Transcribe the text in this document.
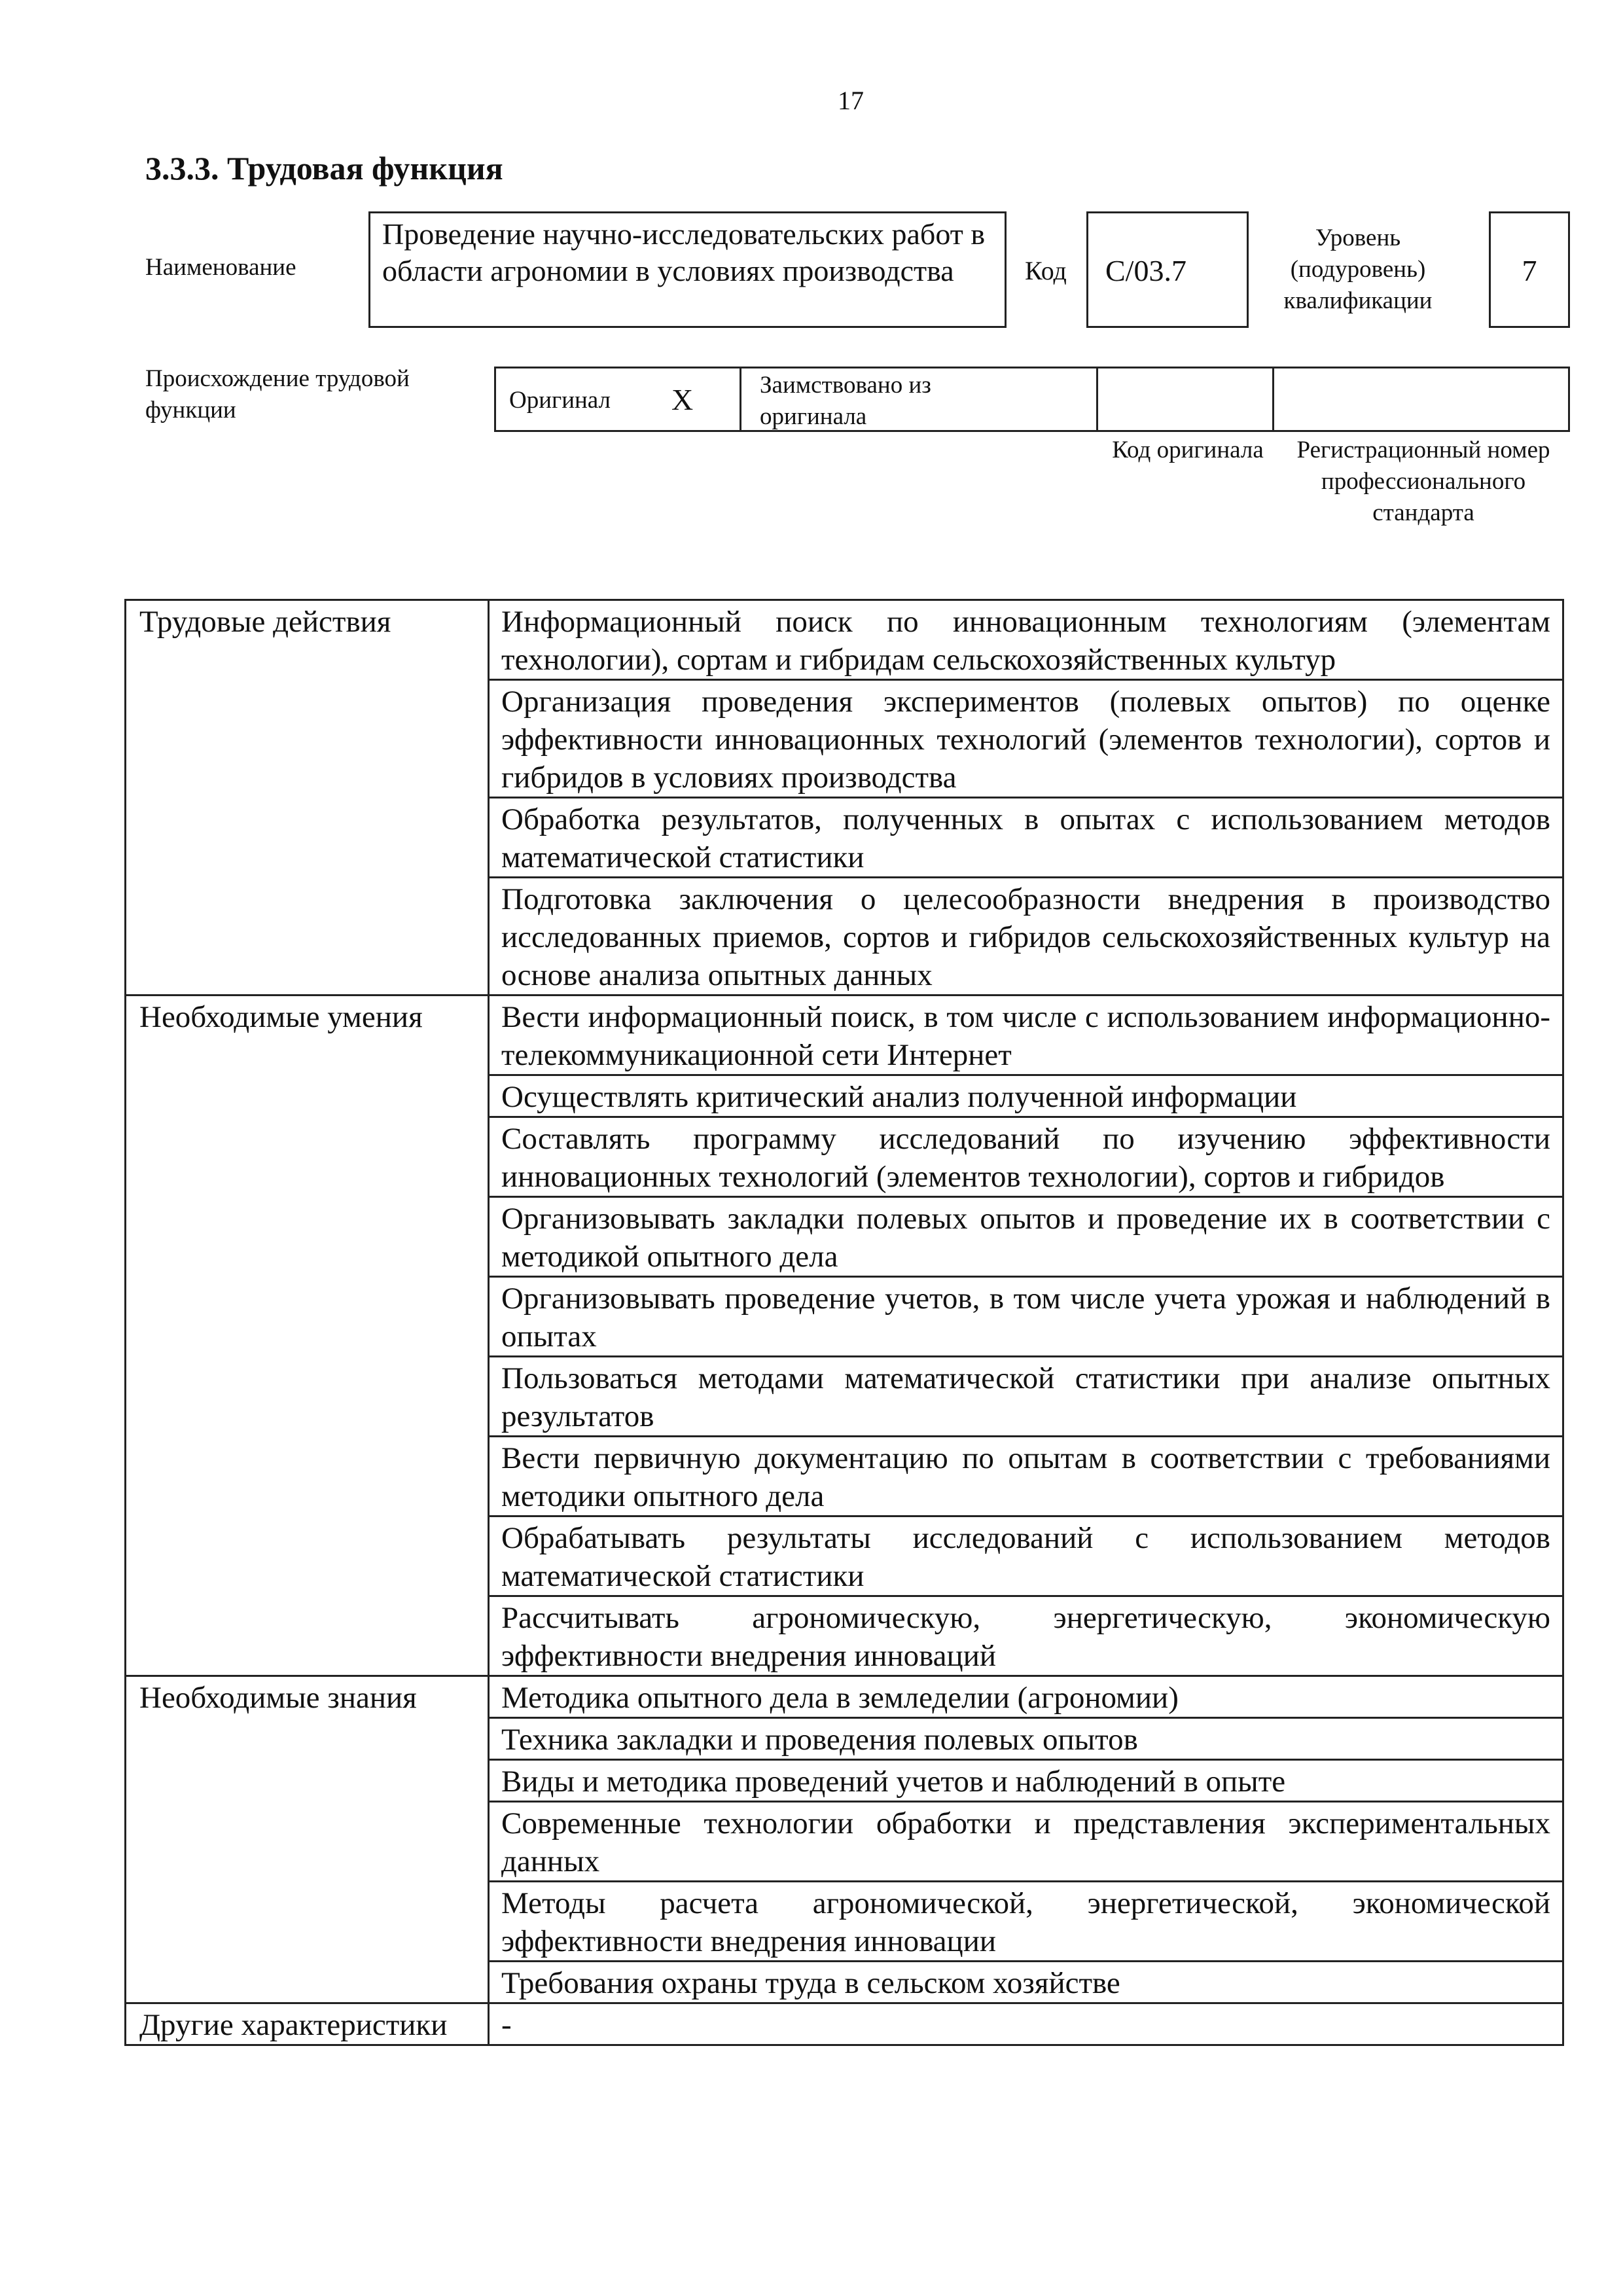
17
3.3.3. Трудовая функция
Наименование
Проведение научно-исследовательских работ в области агрономии в условиях производства	Код	С/03.7
Уровень (подуровень) квалификации
7
Происхождение трудовой функции	Оригинал Х	Заимствовано из оригинала
Код оригинала	Регистрационный номер профессионального стандарта
Трудовые действия	Информационный поиск по инновационным технологиям (элементам технологии), сортам и гибридам сельскохозяйственных культур
	Организация проведения экспериментов (полевых опытов) по оценке эффективности инновационных технологий (элементов технологии), сортов и гибридов в условиях производства
	Обработка результатов, полученных в опытах с использованием методов математической статистики
	Подготовка заключения о целесообразности внедрения в производство исследованных приемов, сортов и гибридов сельскохозяйственных культур на основе анализа опытных данных
Необходимые умения	Вести информационный поиск, в том числе с использованием информационно-телекоммуникационной сети Интернет
	Осуществлять критический анализ полученной информации
	Составлять программу исследований по изучению эффективности инновационных технологий (элементов технологии), сортов и гибридов
	Организовывать закладки полевых опытов и проведение их в соответствии с методикой опытного дела
	Организовывать проведение учетов, в том числе учета урожая и наблюдений в опытах
	Пользоваться методами математической статистики при анализе опытных результатов
	Вести первичную документацию по опытам в соответствии с требованиями методики опытного дела
	Обрабатывать результаты исследований с использованием методов математической статистики
	Рассчитывать агрономическую, энергетическую, экономическую эффективности внедрения инноваций
Необходимые знания	Методика опытного дела в земледелии (агрономии)
	Техника закладки и проведения полевых опытов
	Виды и методика проведений учетов и наблюдений в опыте
	Современные технологии обработки и представления экспериментальных данных
	Методы расчета агрономической, энергетической, экономической эффективности внедрения инновации
	Требования охраны труда в сельском хозяйстве
Другие характеристики	-
